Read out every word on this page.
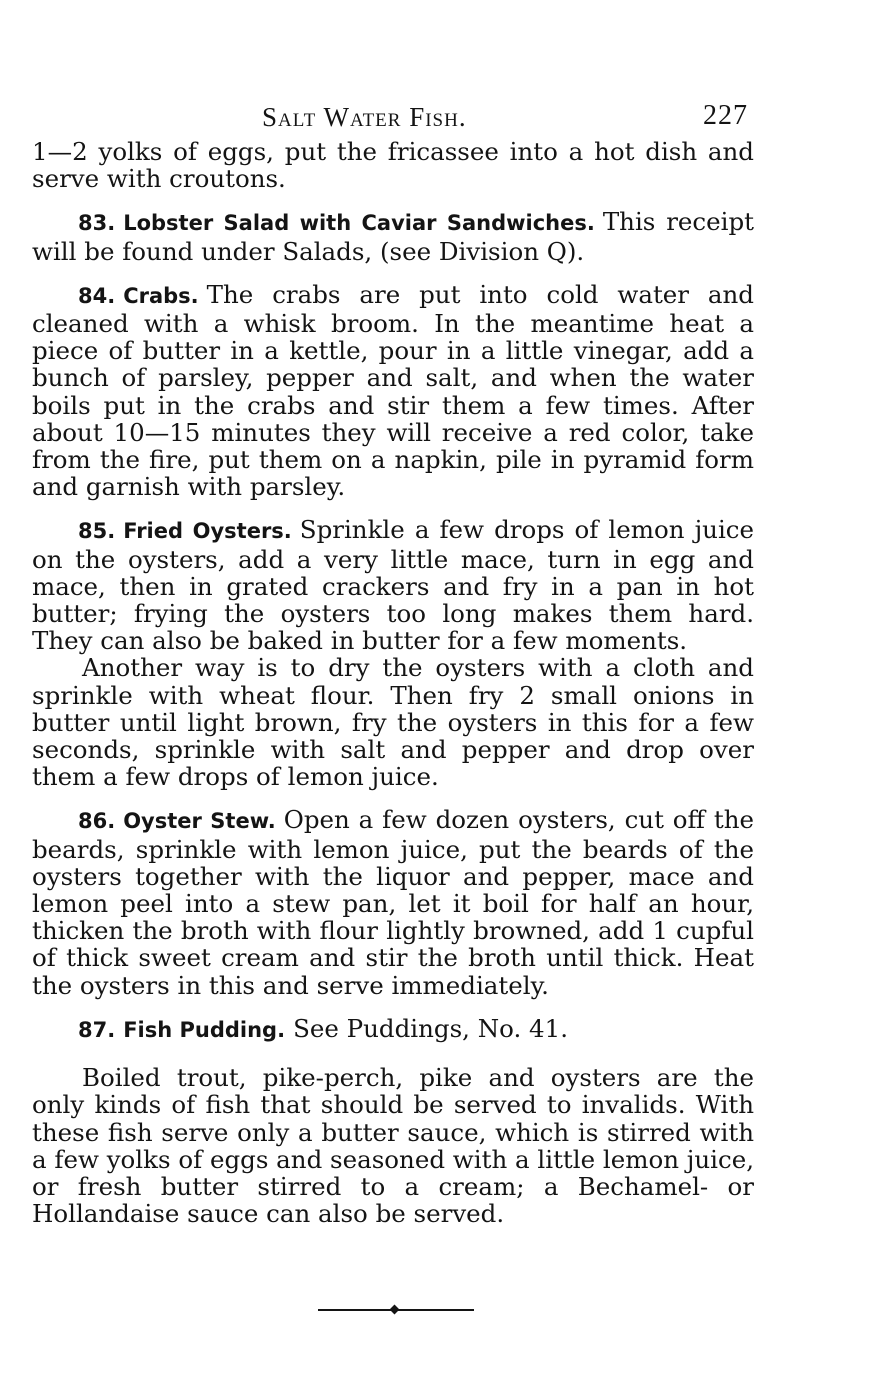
Salt Water Fish.	227

1—2 yolks of eggs, put the fricassee into a hot dish and serve with croutons.

83. Lobster Salad with Caviar Sandwiches. This receipt will be found under Salads, (see Division Q).

84. Crabs. The crabs are put into cold water and cleaned with a whisk broom. In the meantime heat a piece of butter in a kettle, pour in a little vinegar, add a bunch of parsley, pepper and salt, and when the water boils put in the crabs and stir them a few times. After about 10—15 minutes they will receive a red color, take from the fire, put them on a napkin, pile in pyramid form and garnish with parsley.

85. Fried Oysters. Sprinkle a few drops of lemon juice on the oysters, add a very little mace, turn in egg and mace, then in grated crackers and fry in a pan in hot butter; frying the oysters too long makes them hard. They can also be baked in butter for a few moments.

Another way is to dry the oysters with a cloth and sprinkle with wheat flour. Then fry 2 small onions in butter until light brown, fry the oysters in this for a few seconds, sprinkle with salt and pepper and drop over them a few drops of lemon juice.

86. Oyster Stew. Open a few dozen oysters, cut off the beards, sprinkle with lemon juice, put the beards of the oysters together with the liquor and pepper, mace and lemon peel into a stew pan, let it boil for half an hour, thicken the broth with flour lightly browned, add 1 cupful of thick sweet cream and stir the broth until thick. Heat the oysters in this and serve immediately.

87. Fish Pudding. See Puddings, No. 41.

Boiled trout, pike-perch, pike and oysters are the only kinds of fish that should be served to invalids. With these fish serve only a butter sauce, which is stirred with a few yolks of eggs and seasoned with a little lemon juice, or fresh butter stirred to a cream; a Bechamel- or Hollandaise sauce can also be served.
